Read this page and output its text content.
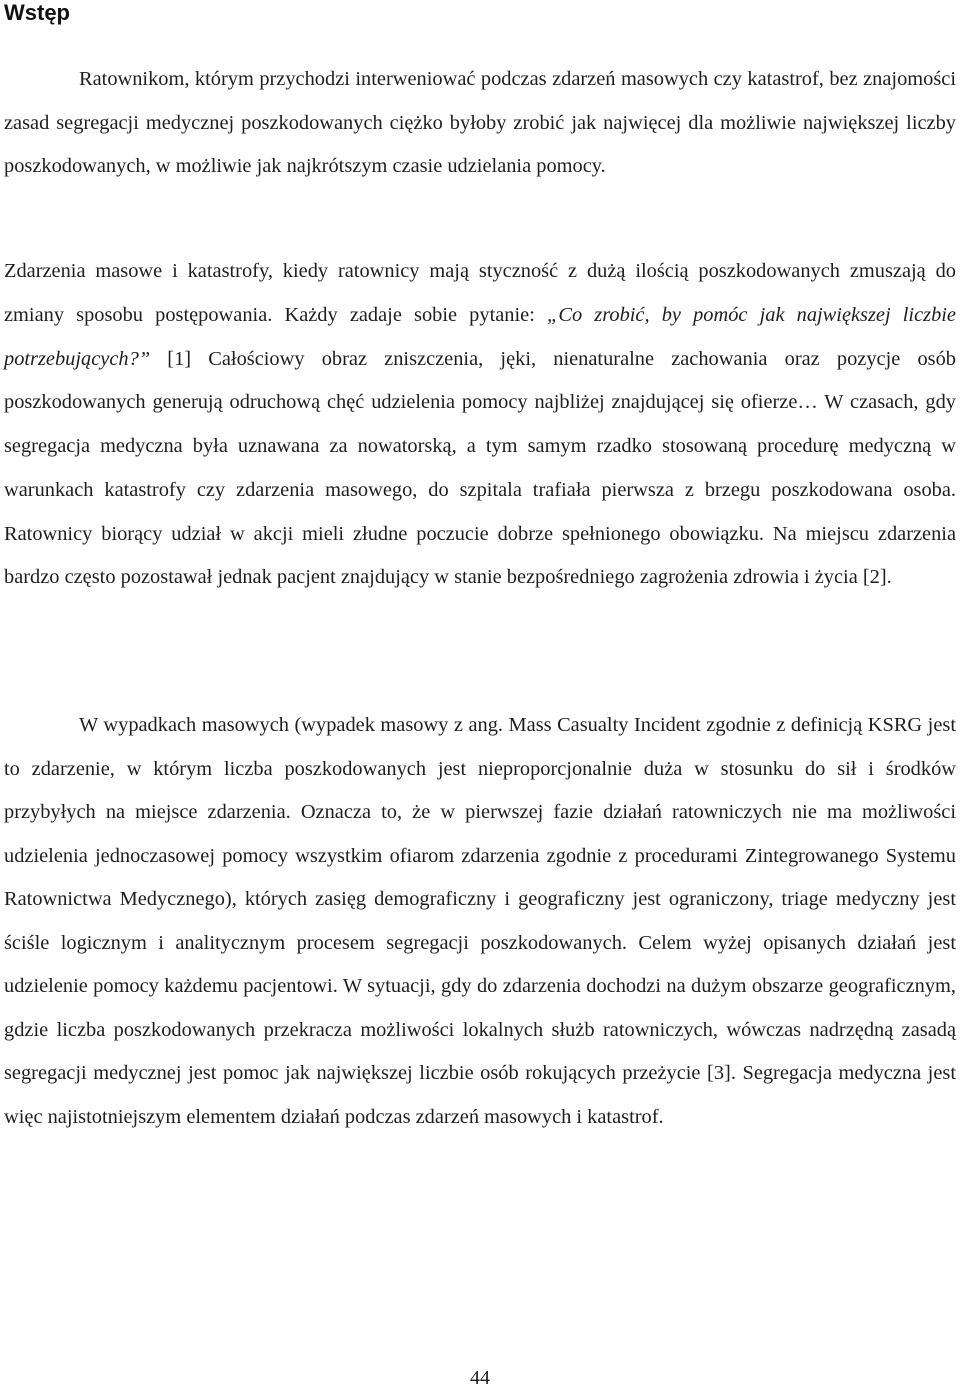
Wstęp

Ratownikom, którym przychodzi interweniować podczas zdarzeń masowych czy katastrof, bez znajomości zasad segregacji medycznej poszkodowanych ciężko byłoby zrobić jak najwięcej dla możliwie największej liczby poszkodowanych, w możliwie jak najkrótszym czasie udzielania pomocy.

Zdarzenia masowe i katastrofy, kiedy ratownicy mają styczność z dużą ilością poszkodowanych zmuszają do zmiany sposobu postępowania. Każdy zadaje sobie pytanie: „Co zrobić, by pomóc jak największej liczbie potrzebujących?” [1] Całościowy obraz zniszczenia, jęki, nienaturalne zachowania oraz pozycje osób poszkodowanych generują odruchową chęć udzielenia pomocy najbliżej znajdującej się ofierze… W czasach, gdy segregacja medyczna była uznawana za nowatorską, a tym samym rzadko stosowaną procedurę medyczną w warunkach katastrofy czy zdarzenia masowego, do szpitala trafiała pierwsza z brzegu poszkodowana osoba. Ratownicy biorący udział w akcji mieli złudne poczucie dobrze spełnionego obowiązku. Na miejscu zdarzenia bardzo często pozostawał jednak pacjent znajdujący w stanie bezpośredniego zagrożenia zdrowia i życia [2].

W wypadkach masowych (wypadek masowy z ang. Mass Casualty Incident zgodnie z definicją KSRG jest to zdarzenie, w którym liczba poszkodowanych jest nieproporcjonalnie duża w stosunku do sił i środków przybyłych na miejsce zdarzenia. Oznacza to, że w pierwszej fazie działań ratowniczych nie ma możliwości udzielenia jednoczasowej pomocy wszystkim ofiarom zdarzenia zgodnie z procedurami Zintegrowanego Systemu Ratownictwa Medycznego), których zasięg demograficzny i geograficzny jest ograniczony, triage medyczny jest ściśle logicznym i analitycznym procesem segregacji poszkodowanych. Celem wyżej opisanych działań jest udzielenie pomocy każdemu pacjentowi. W sytuacji, gdy do zdarzenia dochodzi na dużym obszarze geograficznym, gdzie liczba poszkodowanych przekracza możliwości lokalnych służb ratowniczych, wówczas nadrzędną zasadą segregacji medycznej jest pomoc jak największej liczbie osób rokujących przeżycie [3]. Segregacja medyczna jest więc najistotniejszym elementem działań podczas zdarzeń masowych i katastrof.

44
